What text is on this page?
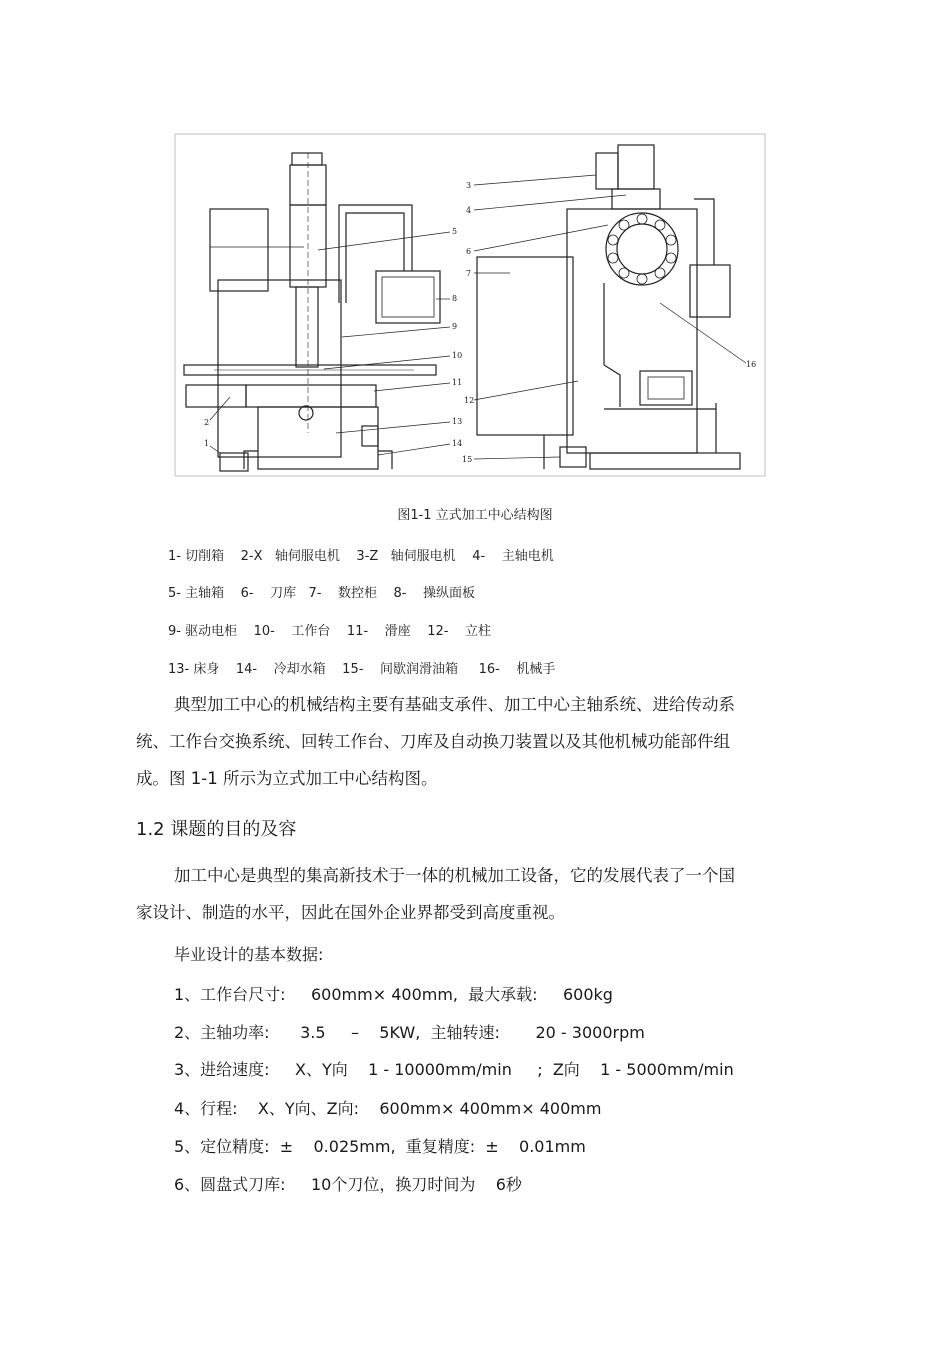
5
8
9
10
11
13
14
2
1
3
4
6
7
12
15
16
图1-1 立式加工中心结构图
1- 切削箱    2-X   轴伺服电机    3-Z   轴伺服电机    4-    主轴电机
5- 主轴箱    6-    刀库   7-    数控柜    8-    操纵面板
9- 驱动电柜    10-    工作台    11-    滑座    12-    立柱
13- 床身    14-    冷却水箱    15-    间歇润滑油箱     16-    机械手
典型加工中心的机械结构主要有基础支承件、加工中心主轴系统、进给传动系
统、工作台交换系统、回转工作台、刀库及自动换刀装置以及其他机械功能部件组
成。图 1-1 所示为立式加工中心结构图。
1.2 课题的目的及容
加工中心是典型的集高新技术于一体的机械加工设备，它的发展代表了一个国
家设计、制造的水平，因此在国外企业界都受到高度重视。
毕业设计的基本数据:
1、工作台尺寸:     600mm× 400mm,  最大承载:     600kg
2、主轴功率:      3.5     –    5KW,  主轴转速:       20 - 3000rpm
3、进给速度:     X、Y向    1 - 10000mm/min     ;  Z向    1 - 5000mm/min
4、行程:    X、Y向、Z向:    600mm× 400mm× 400mm
5、定位精度:  ±    0.025mm,  重复精度:  ±    0.01mm
6、圆盘式刀库:     10个刀位，换刀时间为    6秒
